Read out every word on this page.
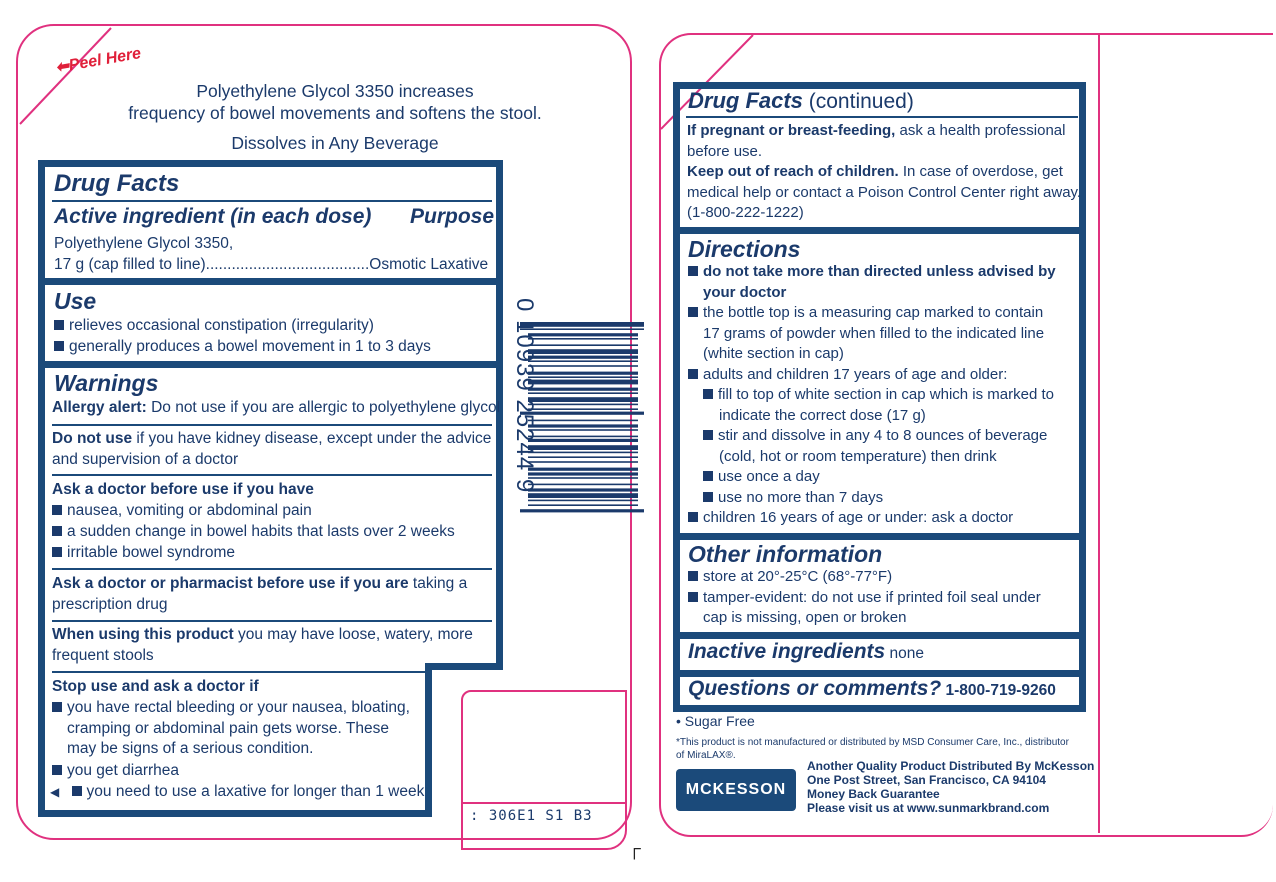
⬅Peel Here
Polyethylene Glycol 3350 increases
frequency of bowel movements and softens the stool.
Dissolves in Any Beverage
Drug Facts
Active ingredient (in each dose) Purpose
Polyethylene Glycol 3350,
17 g (cap filled to line)......................................Osmotic Laxative
Use
relieves occasional constipation (irregularity)
generally produces a bowel movement in 1 to 3 days
Warnings
Allergy alert: Do not use if you are allergic to polyethylene glycol
Do not use if you have kidney disease, except under the advice
and supervision of a doctor
Ask a doctor before use if you have
nausea, vomiting or abdominal pain
a sudden change in bowel habits that lasts over 2 weeks
irritable bowel syndrome
Ask a doctor or pharmacist before use if you are taking a
prescription drug
When using this product you may have loose, watery, more
frequent stools
Stop use and ask a doctor if
you have rectal bleeding or your nausea, bloating,
cramping or abdominal pain gets worse. These
may be signs of a serious condition.
you get diarrhea
◀ you need to use a laxative for longer than 1 week
: 306E1 S1 B3
┌
0 10939 25244 9
Drug Facts (continued)
If pregnant or breast-feeding, ask a health professional
before use.
Keep out of reach of children. In case of overdose, get
medical help or contact a Poison Control Center right away.
(1-800-222-1222)
Directions
do not take more than directed unless advised by
your doctor
the bottle top is a measuring cap marked to contain
17 grams of powder when filled to the indicated line
(white section in cap)
adults and children 17 years of age and older:
fill to top of white section in cap which is marked to
indicate the correct dose (17 g)
stir and dissolve in any 4 to 8 ounces of beverage
(cold, hot or room temperature) then drink
use once a day
use no more than 7 days
children 16 years of age or under: ask a doctor
Other information
store at 20°-25°C (68°-77°F)
tamper-evident: do not use if printed foil seal under
cap is missing, open or broken
Inactive ingredients none
Questions or comments? 1-800-719-9260
• Sugar Free
*This product is not manufactured or distributed by MSD Consumer Care, Inc., distributor
of MiraLAX®.
MCKESSON
Another Quality Product Distributed By McKesson
One Post Street, San Francisco, CA 94104
Money Back Guarantee
Please visit us at www.sunmarkbrand.com
